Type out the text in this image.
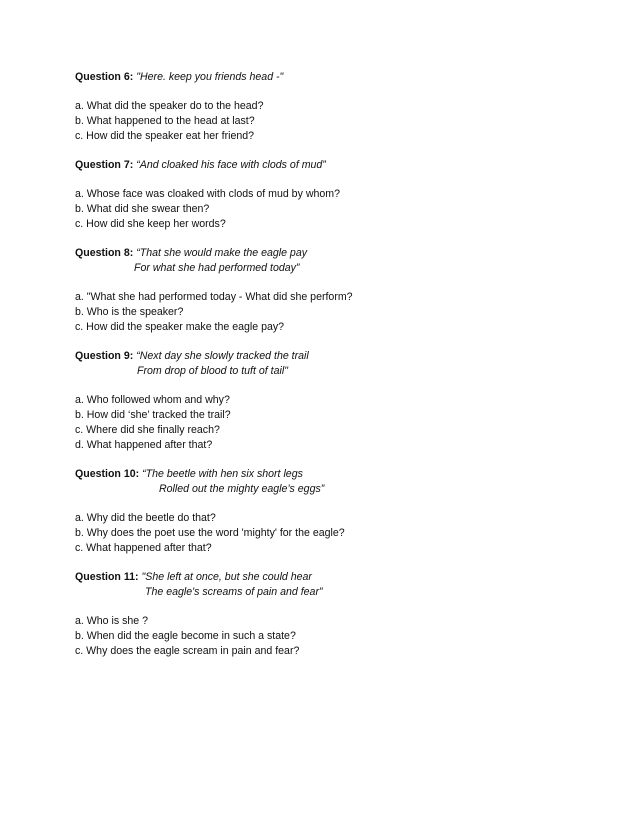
Question 6: "Here. keep you friends head -"
a. What did the speaker do to the head?
b. What happened to the head at last?
c. How did the speaker eat her friend?
Question 7: “And cloaked his face with clods of mud”
a. Whose face was cloaked with clods of mud by whom?
b. What did she swear then?
c. How did she keep her words?
Question 8: “That she would make the eagle pay
For what she had performed today”
a. "What she had performed today - What did she perform?
b. Who is the speaker?
c. How did the speaker make the eagle pay?
Question 9: “Next day she slowly tracked the trail
From drop of blood to tuft of tail"
a. Who followed whom and why?
b. How did ‘she’ tracked the trail?
c. Where did she finally reach?
d. What happened after that?
Question 10: “The beetle with hen six short legs
Rolled out the mighty eagle’s eggs”
a. Why did the beetle do that?
b. Why does the poet use the word 'mighty' for the eagle?
c. What happened after that?
Question 11: "She left at once, but she could hear
The eagle's screams of pain and fear”
a. Who is she ?
b. When did the eagle become in such a state?
c. Why does the eagle scream in pain and fear?
